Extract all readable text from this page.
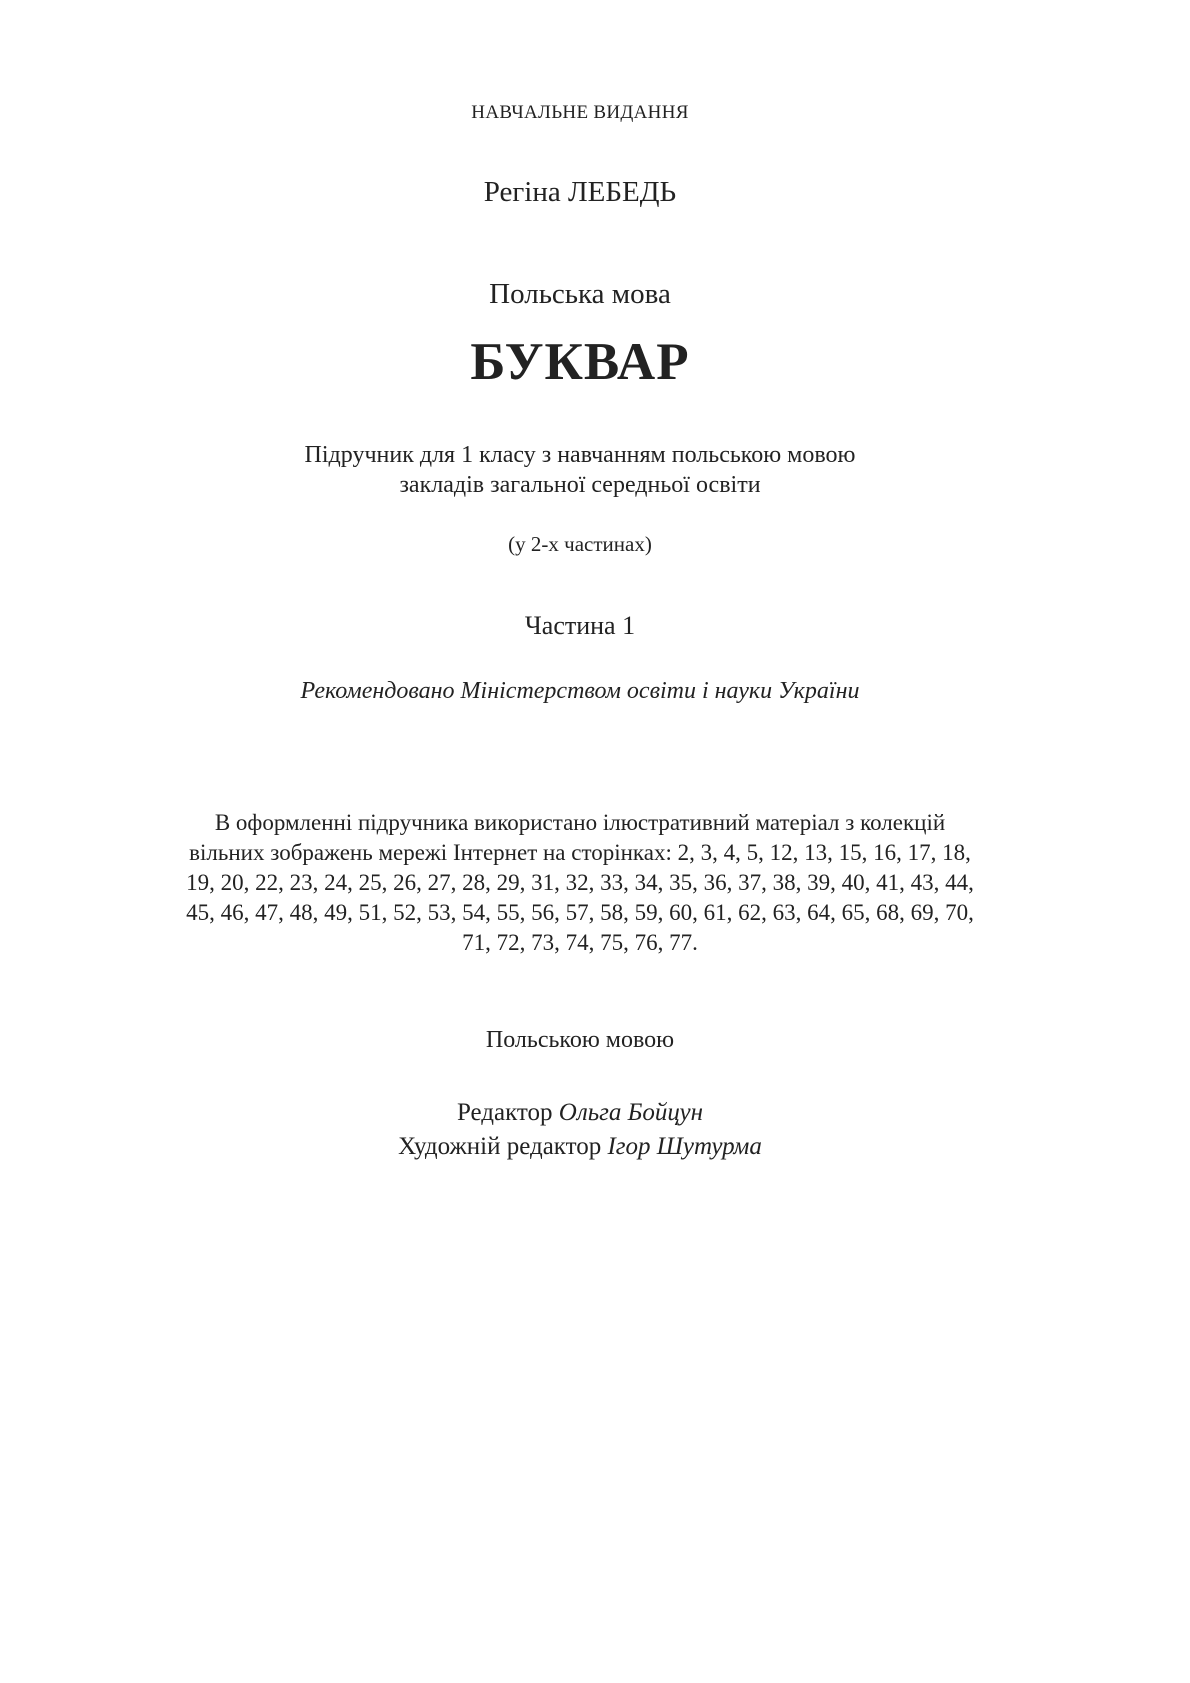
НАВЧАЛЬНЕ ВИДАННЯ
Регіна ЛЕБЕДЬ
Польська мова
БУКВАР
Підручник для 1 класу з навчанням польською мовою
закладів загальної середньої освіти
(у 2-х частинах)
Частина 1
Рекомендовано Міністерством освіти і науки України
В оформленні підручника використано ілюстративний матеріал з колекцій
вільних зображень мережі Інтернет на сторінках: 2, 3, 4, 5, 12, 13, 15, 16, 17, 18,
19, 20, 22, 23, 24, 25, 26, 27, 28, 29, 31, 32, 33, 34, 35, 36, 37, 38, 39, 40, 41, 43, 44,
45, 46, 47, 48, 49, 51, 52, 53, 54, 55, 56, 57, 58, 59, 60, 61, 62, 63, 64, 65, 68, 69, 70,
71, 72, 73, 74, 75, 76, 77.
Польською мовою
Редактор Ольга Бойцун
Художній редактор Ігор Шутурма
